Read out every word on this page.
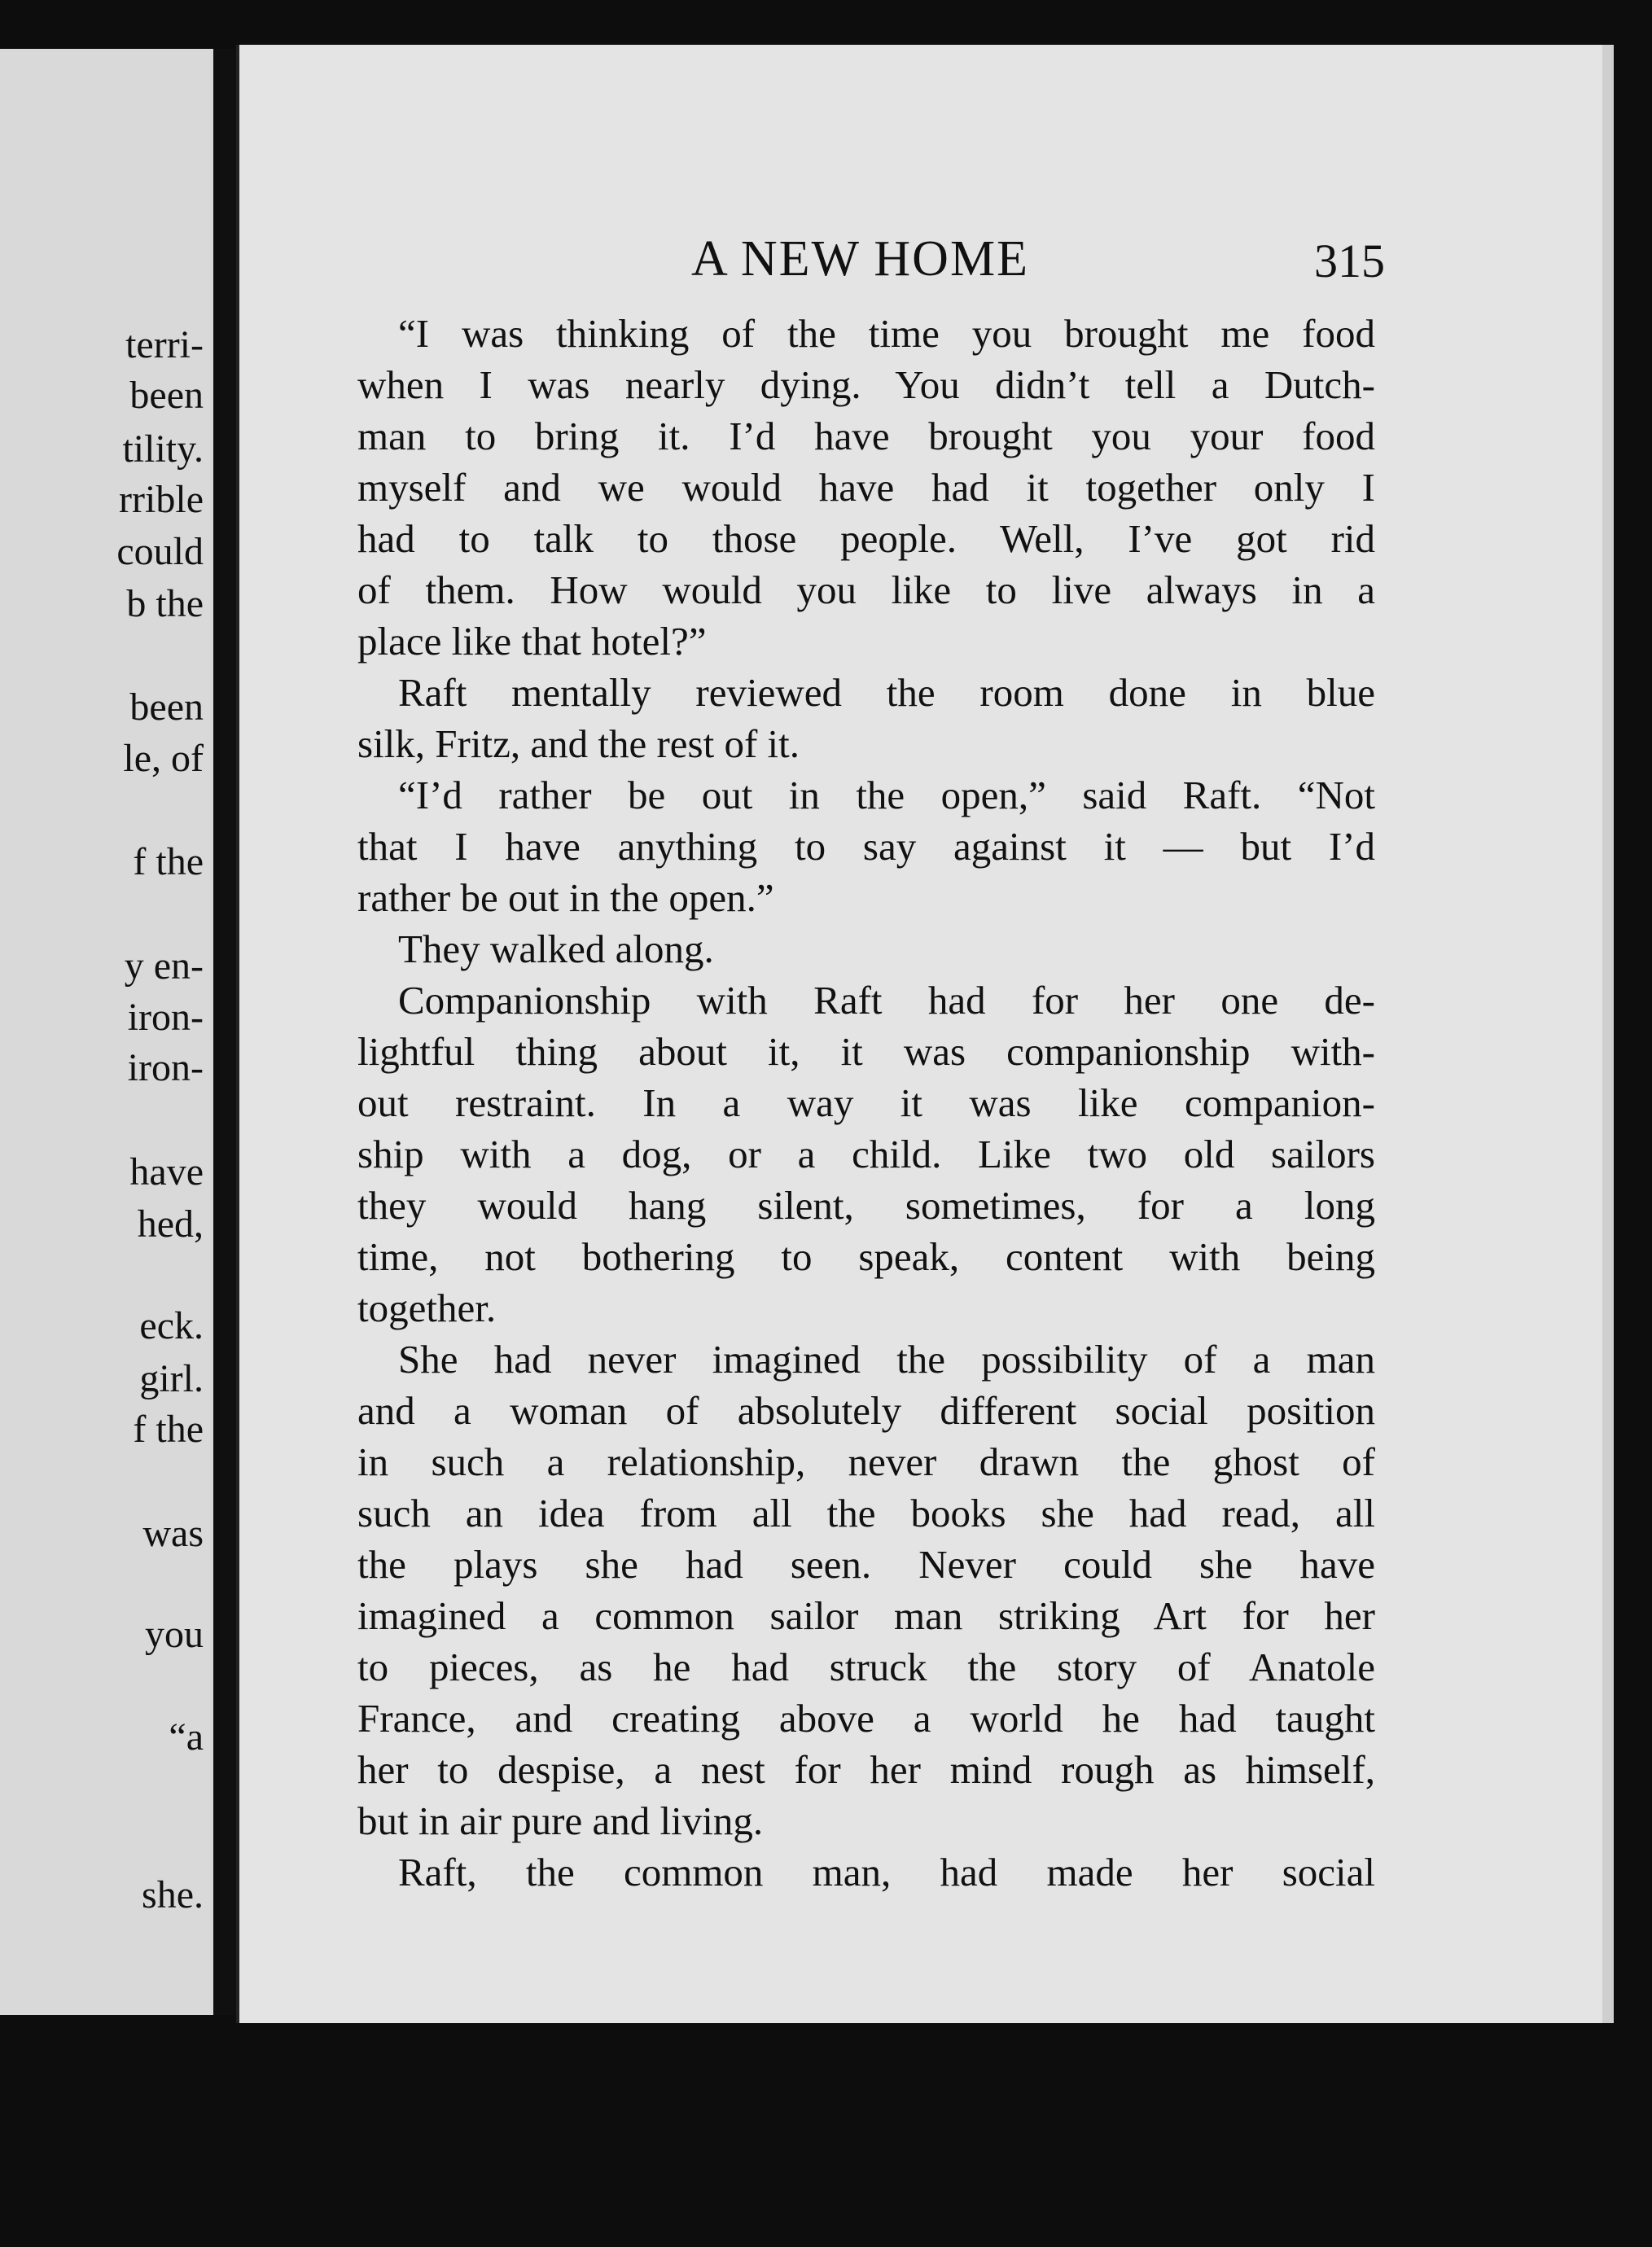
terri-
been
tility.
rrible
could
b the
been
le, of
f the
y en-
iron-
iron-
have
hed,
eck.
girl.
f the
was
you
“a
she.
A NEW HOME	315
“I was thinking of the time you brought me food
when I was nearly dying. You didn’t tell a Dutch-
man to bring it. I’d have brought you your food
myself and we would have had it together only I
had to talk to those people. Well, I’ve got rid
of them. How would you like to live always in a
place like that hotel?”
Raft mentally reviewed the room done in blue
silk, Fritz, and the rest of it.
“I’d rather be out in the open,” said Raft. “Not
that I have anything to say against it — but I’d
rather be out in the open.”
They walked along.
Companionship with Raft had for her one de-
lightful thing about it, it was companionship with-
out restraint. In a way it was like companion-
ship with a dog, or a child. Like two old sailors
they would hang silent, sometimes, for a long
time, not bothering to speak, content with being
together.
She had never imagined the possibility of a man
and a woman of absolutely different social position
in such a relationship, never drawn the ghost of
such an idea from all the books she had read, all
the plays she had seen. Never could she have
imagined a common sailor man striking Art for her
to pieces, as he had struck the story of Anatole
France, and creating above a world he had taught
her to despise, a nest for her mind rough as himself,
but in air pure and living.
Raft, the common man, had made her social
